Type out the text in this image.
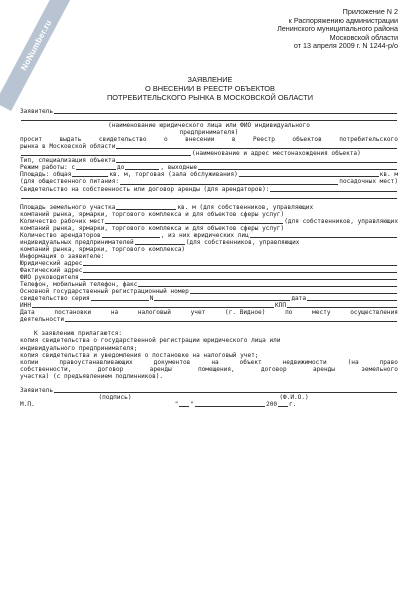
NoNumber.ru
Приложение N 2
к Распоряжению администрации
Ленинского муниципального района
Московской области
от 13 апреля 2009 г. N 1244-р/о
ЗАЯВЛЕНИЕ
О ВНЕСЕНИИ В РЕЕСТР ОБЪЕКТОВ
ПОТРЕБИТЕЛЬСКОГО РЫНКА В МОСКОВСКОЙ ОБЛАСТИ
Заявитель
(наименование юридического лица или ФИО индивидуального
предпринимателя)
просит	выдать	свидетельство	о	внесении	в	Реестр	объектов	потребительского
рынка в Московской области
(наименование и адрес местонахождения объекта)
Тип, специализация объекта
Режим работы: с	до	, выходные
Площадь: общая	кв. м, торговая (зала обслуживания)	кв. м
(для общественного питания:	посадочных мест)
Свидетельство на собственность или договор аренды (для арендаторов):
Площадь земельного участка	кв. м (для собственников, управляющих
компаний рынка, ярмарки, торгового комплекса и для объектов сферы услуг)
Количество рабочих мест	(для собственников, управляющих
компаний рынка, ярмарки, торгового комплекса и для объектов сферы услуг)
Количество арендаторов	, из них юридических лиц
индивидуальных предпринимателей	(для собственников, управляющих
компаний рынка, ярмарки, торгового комплекса)
Информация о заявителе:
Юридический адрес
Фактический адрес
ФИО руководителя
Телефон, мобильный телефон, факс
Основной государственный регистрационный номер
свидетельство серия	N	дата
ИНН	КПП
Дата	постановки	на	налоговый	учет	(г. Видное)	по	месту	осуществления
деятельности
К заявлению прилагаются:
копия свидетельства о государственной регистрации юридического лица или
индивидуального предпринимателя;
копия свидетельства и уведомления о постановке на налоговый учет;
копии	правоустанавливающих	документов	на	объект	недвижимости	(на	право
собственности,	договор	аренды	помещения,	договор	аренды	земельного
участка) (с предъявлением подлинников).
Заявитель
(подпись)	(Ф.И.О.)
М.П.	" "	200 г.
